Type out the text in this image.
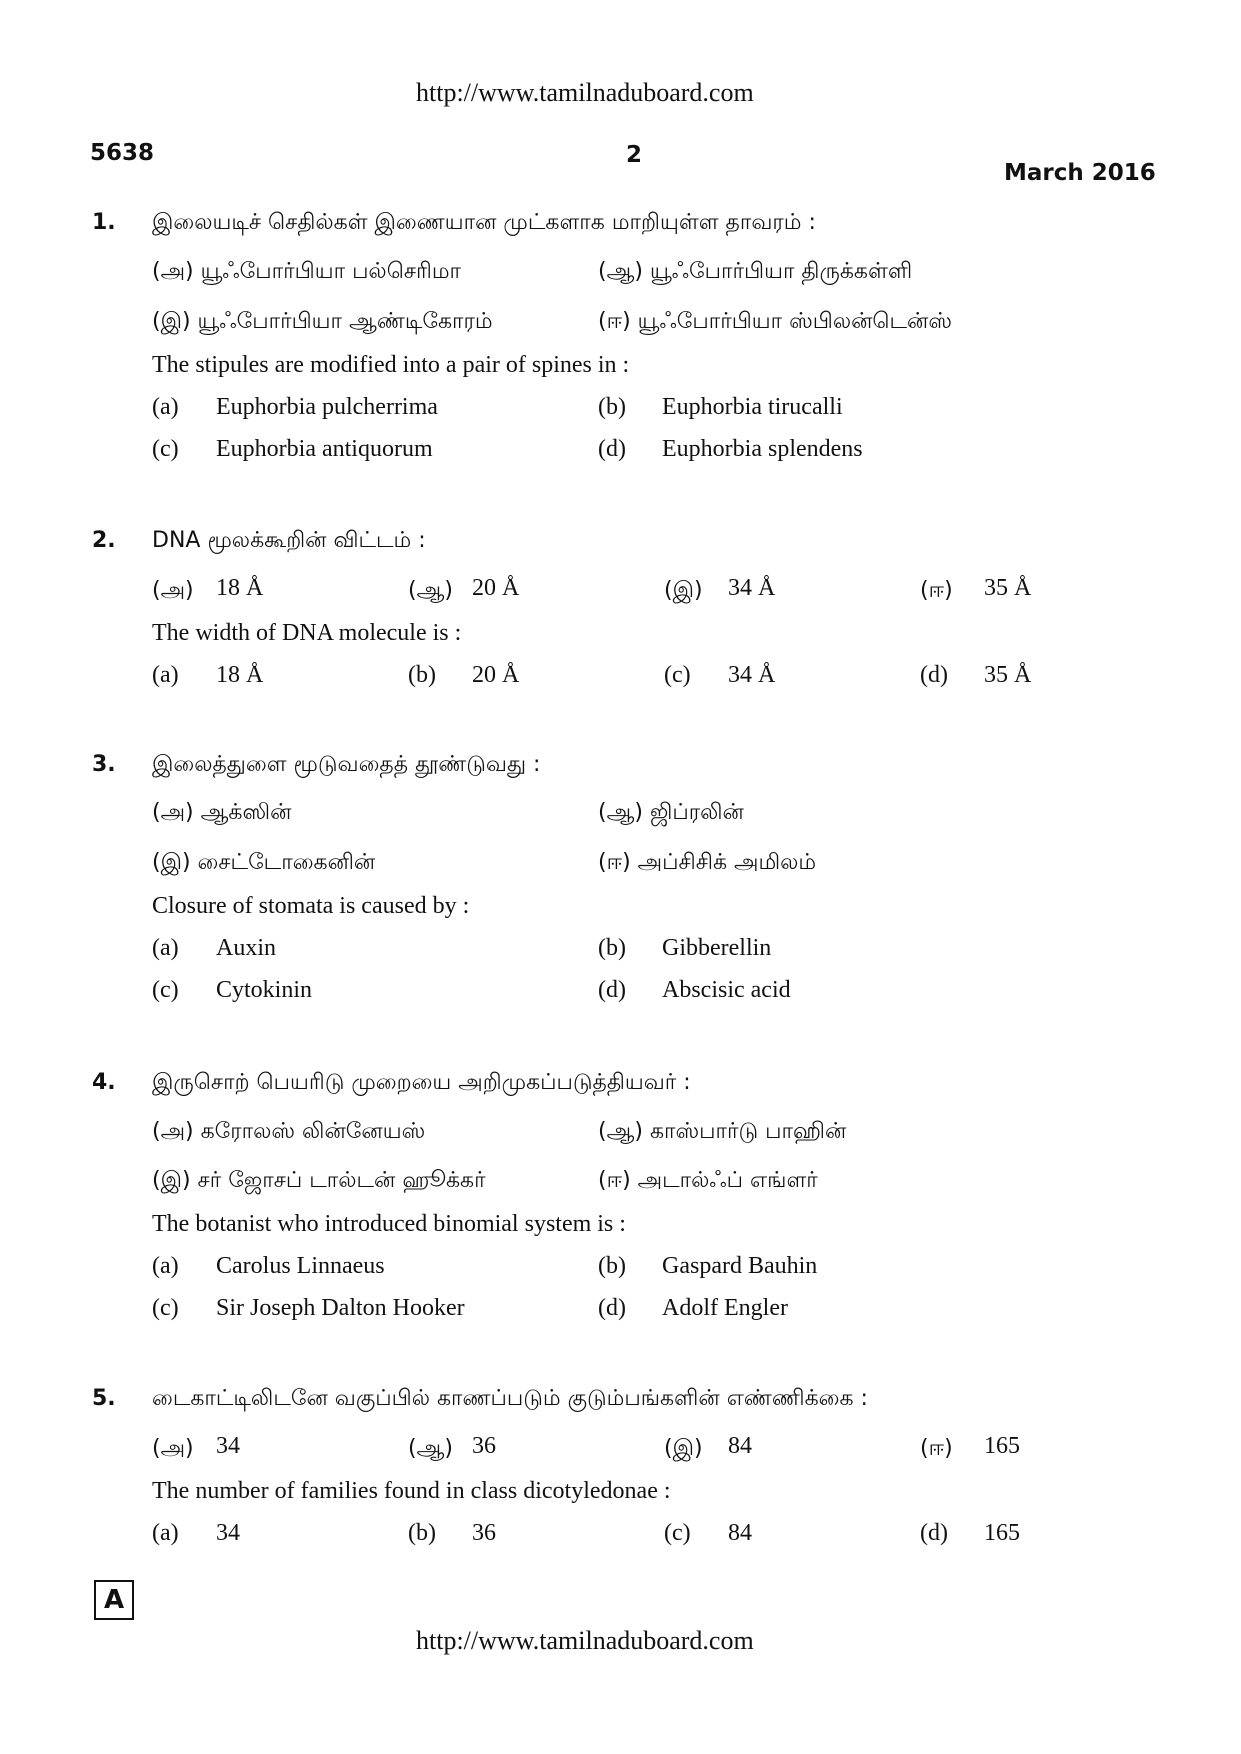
http://www.tamilnaduboard.com
5638	2
March 2016
1. இலையடிச் செதில்கள் இணையான முட்களாக மாறியுள்ள தாவரம் :
(அ) யூஃபோர்பியா பல்செரிமா	(ஆ) யூஃபோர்பியா திருக்கள்ளி
(இ) யூஃபோர்பியா ஆண்டிகோரம்	(ஈ) யூஃபோர்பியா ஸ்பிலன்டென்ஸ்
The stipules are modified into a pair of spines in :
(a) Euphorbia pulcherrima	(b) Euphorbia tirucalli
(c) Euphorbia antiquorum	(d) Euphorbia splendens
2. DNA மூலக்கூறின் விட்டம் :
(அ) 18 Å	(ஆ) 20 Å	(இ) 34 Å	(ஈ) 35 Å
The width of DNA molecule is :
(a) 18 Å	(b) 20 Å	(c) 34 Å	(d) 35 Å
3. இலைத்துளை மூடுவதைத் தூண்டுவது :
(அ) ஆக்ஸின்	(ஆ) ஜிப்ரலின்
(இ) சைட்டோகைனின்	(ஈ) அப்சிசிக் அமிலம்
Closure of stomata is caused by :
(a) Auxin	(b) Gibberellin
(c) Cytokinin	(d) Abscisic acid
4. இருசொற் பெயரிடு முறையை அறிமுகப்படுத்தியவர் :
(அ) கரோலஸ் லின்னேயஸ்	(ஆ) காஸ்பார்டு பாஹின்
(இ) சர் ஜோசப் டால்டன் ஹூக்கர்	(ஈ) அடால்ஃப் எங்ளர்
The botanist who introduced binomial system is :
(a) Carolus Linnaeus	(b) Gaspard Bauhin
(c) Sir Joseph Dalton Hooker	(d) Adolf Engler
5. டைகாட்டிலிடனே வகுப்பில் காணப்படும் குடும்பங்களின் எண்ணிக்கை :
(அ) 34	(ஆ) 36	(இ) 84	(ஈ) 165
The number of families found in class dicotyledonae :
(a) 34	(b) 36	(c) 84	(d) 165
A
http://www.tamilnaduboard.com
